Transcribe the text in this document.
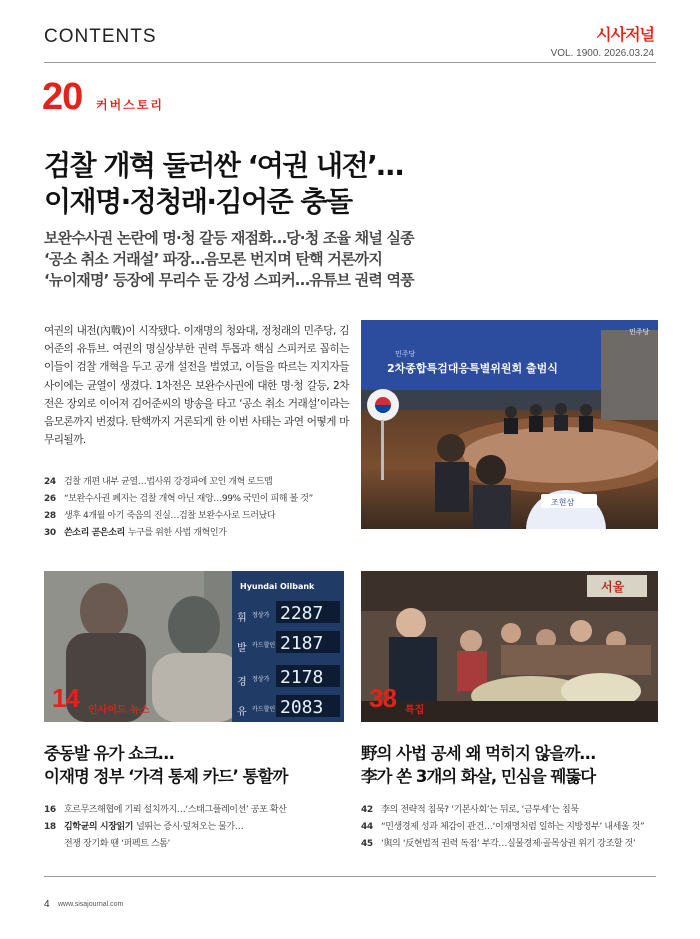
CONTENTS	시사저널
VOL. 1900. 2026.03.24
20 커버스토리
검찰 개혁 둘러싼 ‘여권 내전’…
이재명·정청래·김어준 충돌
보완수사권 논란에 명·청 갈등 재점화…당·청 조율 채널 실종
‘공소 취소 거래설’ 파장…음모론 번지며 탄핵 거론까지
‘뉴이재명’ 등장에 무리수 둔 강성 스피커…유튜브 권력 역풍
여권의 내전(內戰)이 시작됐다. 이재명의 청와대, 정청래의 민주당, 김어준의 유튜브. 여권의 명실상부한 권력 투톱과 핵심 스피커로 꼽히는 이들이 검찰 개혁을 두고 공개 설전을 벌였고, 이들을 따르는 지지자들 사이에는 균열이 생겼다. 1차전은 보완수사권에 대한 명·청 갈등, 2차전은 장외로 이어져 김어준씨의 방송을 타고 ‘공소 취소 거래설’이라는 음모론까지 번졌다. 탄핵까지 거론되게 한 이번 사태는 과연 어떻게 마무리될까.
민주당
2차종합특검대응특별위원회 출범식
민주당
조현삼
24 검찰 개편 내부 균열…법사위 강경파에 꼬인 개혁 로드맵
26 “보완수사권 폐지는 검찰 개혁 아닌 재앙…99% 국민이 피해 볼 것”
28 생후 4개월 아기 죽음의 진실…검찰 보완수사로 드러났다
30 쓴소리 곧은소리 누구를 위한 사법 개혁인가
Hyundai Oilbank
휘 정상가 2287
발 카드할인 2187
경 정상가 2178
유 카드할인 2083
14 인사이드 뉴스
서울
38 특집
중동발 유가 쇼크…
이재명 정부 ‘가격 통제 카드’ 통할까
野의 사법 공세 왜 먹히지 않을까…
李가 쏜 3개의 화살, 민심을 꿰뚫다
16 호르무즈해협에 기뢰 설치까지…‘스태그플레이션’ 공포 확산
18 김학균의 시장읽기 널뛰는 증시·덮쳐오는 물가…
전쟁 장기화 땐 ‘퍼펙트 스톰’
42 李의 전략적 침묵? ‘기본사회’는 뒤로, ‘금투세’는 침묵
44 “민생경제 성과 체감이 관건…‘이재명처럼 일하는 지방정부’ 내세울 것”
45 ‘與의 ‘反현법적 권력 독점’ 부각…실물경제·골목상권 위기 강조할 것’
4 www.sisajournal.com
